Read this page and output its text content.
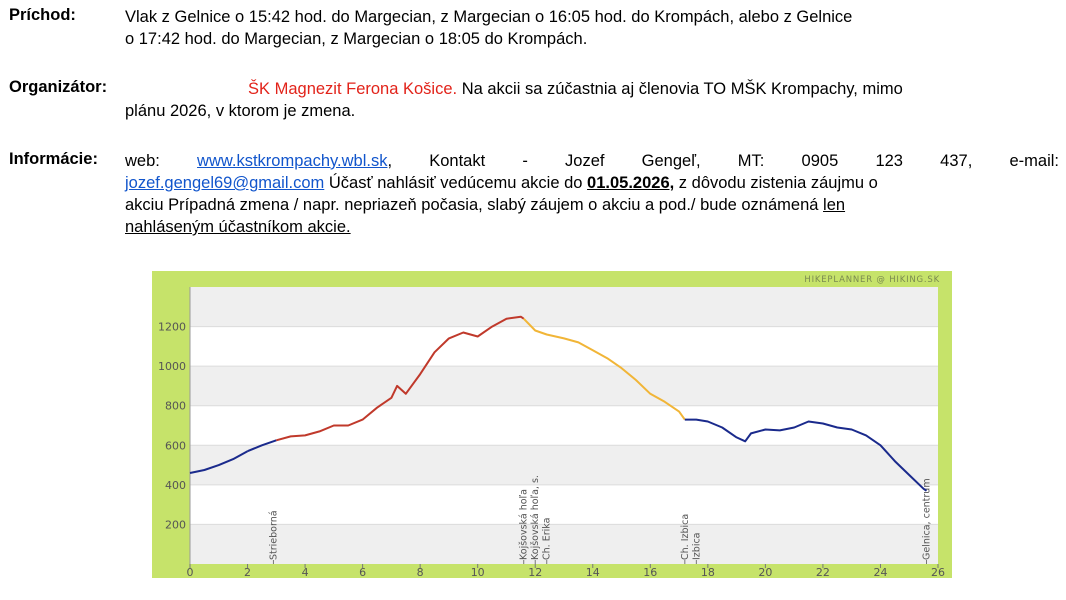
Príchod:	Vlak z Gelnice o 15:42 hod. do Margecian, z Margecian o 16:05 hod. do Krompách, alebo z Gelnice
o 17:42 hod. do Margecian, z Margecian o 18:05 do Krompách.
Organizátor:	ŠK Magnezit Ferona Košice. Na akcii sa zúčastnia aj členovia TO MŠK Krompachy, mimo
plánu 2026, v ktorom je zmena.
Informácie: web: www.kstkrompachy.wbl.sk, Kontakt - Jozef Gengeľ, MT: 0905 123 437, e-mail:
jozef.gengel69@gmail.com Účasť nahlásiť vedúcemu akcie do 01.05.2026, z dôvodu zistenia záujmu o
akciu Prípadná zmena / napr. nepriazeň počasia, slabý záujem o akciu a pod./ bude oznámená len
nahláseným účastníkom akcie.
200
400
600
800
1000
1200
0	2	4	6	8	10	12	14	16	18	20	22	24	26
Strieborná	Kojšovská hoľa Kojšovská hoľa, s. Ch. Erika	Ch. Izbica Izbica	Gelnica, centrum
HIKEPLANNER @ HIKING.SK
